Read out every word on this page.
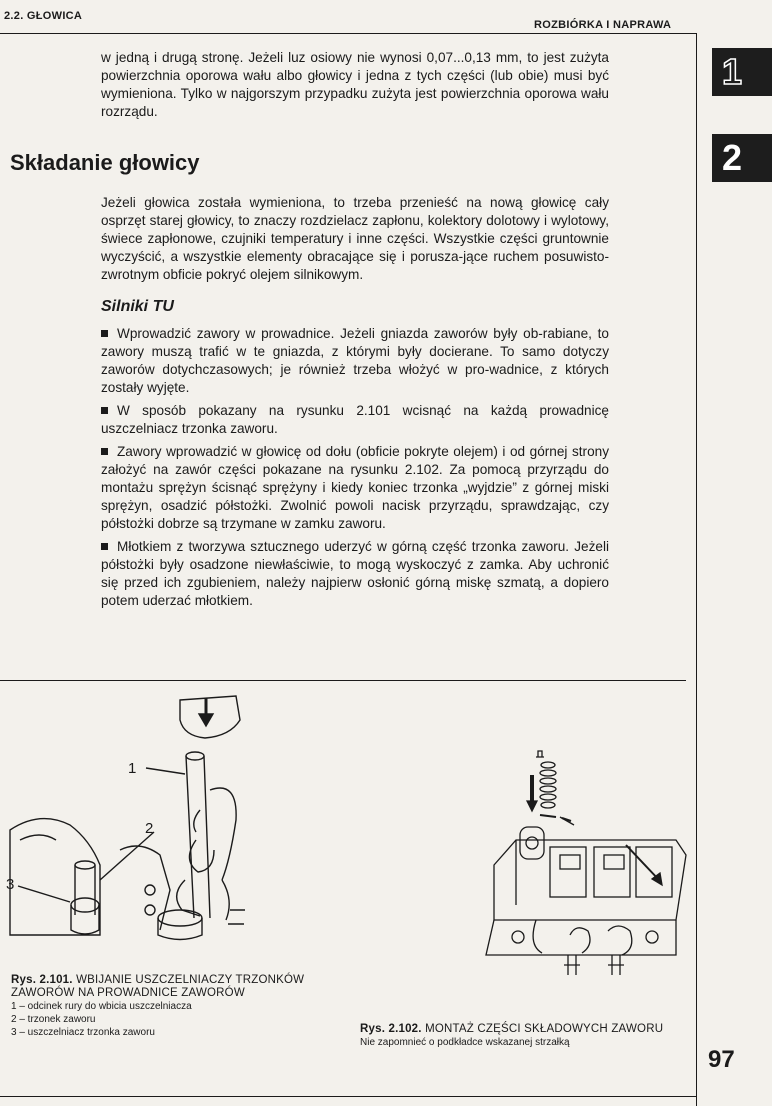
2.2. GŁOWICA
ROZBIÓRKA I NAPRAWA
1
2
w jedną i drugą stronę. Jeżeli luz osiowy nie wynosi 0,07...0,13 mm, to jest zużyta powierzchnia oporowa wału albo głowicy i jedna z tych części (lub obie) musi być wymieniona. Tylko w najgorszym przypadku zużyta jest powierzchnia oporowa wału rozrządu.
Składanie głowicy
Jeżeli głowica została wymieniona, to trzeba przenieść na nową głowicę cały osprzęt starej głowicy, to znaczy rozdzielacz zapłonu, kolektory dolotowy i wylotowy, świece zapłonowe, czujniki temperatury i inne części. Wszystkie części gruntownie wyczyścić, a wszystkie elementy obracające się i porusza-jące ruchem posuwisto-zwrotnym obficie pokryć olejem silnikowym.
Silniki TU
Wprowadzić zawory w prowadnice. Jeżeli gniazda zaworów były ob-rabiane, to zawory muszą trafić w te gniazda, z którymi były docierane. To samo dotyczy zaworów dotychczasowych; je również trzeba włożyć w pro-wadnice, z których zostały wyjęte.
W sposób pokazany na rysunku 2.101 wcisnąć na każdą prowadnicę uszczelniacz trzonka zaworu.
Zawory wprowadzić w głowicę od dołu (obficie pokryte olejem) i od górnej strony założyć na zawór części pokazane na rysunku 2.102. Za pomocą przyrządu do montażu sprężyn ścisnąć sprężyny i kiedy koniec trzonka „wyjdzie” z górnej miski sprężyn, osadzić półstożki. Zwolnić powoli nacisk przyrządu, sprawdzając, czy półstożki dobrze są trzymane w zamku zaworu.
Młotkiem z tworzywa sztucznego uderzyć w górną część trzonka zaworu. Jeżeli półstożki były osadzone niewłaściwie, to mogą wyskoczyć z zamka. Aby uchronić się przed ich zgubieniem, należy najpierw osłonić górną miskę szmatą, a dopiero potem uderzać młotkiem.
1
2
3
Rys. 2.101. WBIJANIE USZCZELNIACZY TRZONKÓW
ZAWORÓW NA PROWADNICE ZAWORÓW
1 – odcinek rury do wbicia uszczelniacza
2 – trzonek zaworu
3 – uszczelniacz trzonka zaworu	Rys. 2.102. MONTAŻ CZĘŚCI SKŁADOWYCH ZAWORU
Nie zapomnieć o podkładce wskazanej strzałką
97
